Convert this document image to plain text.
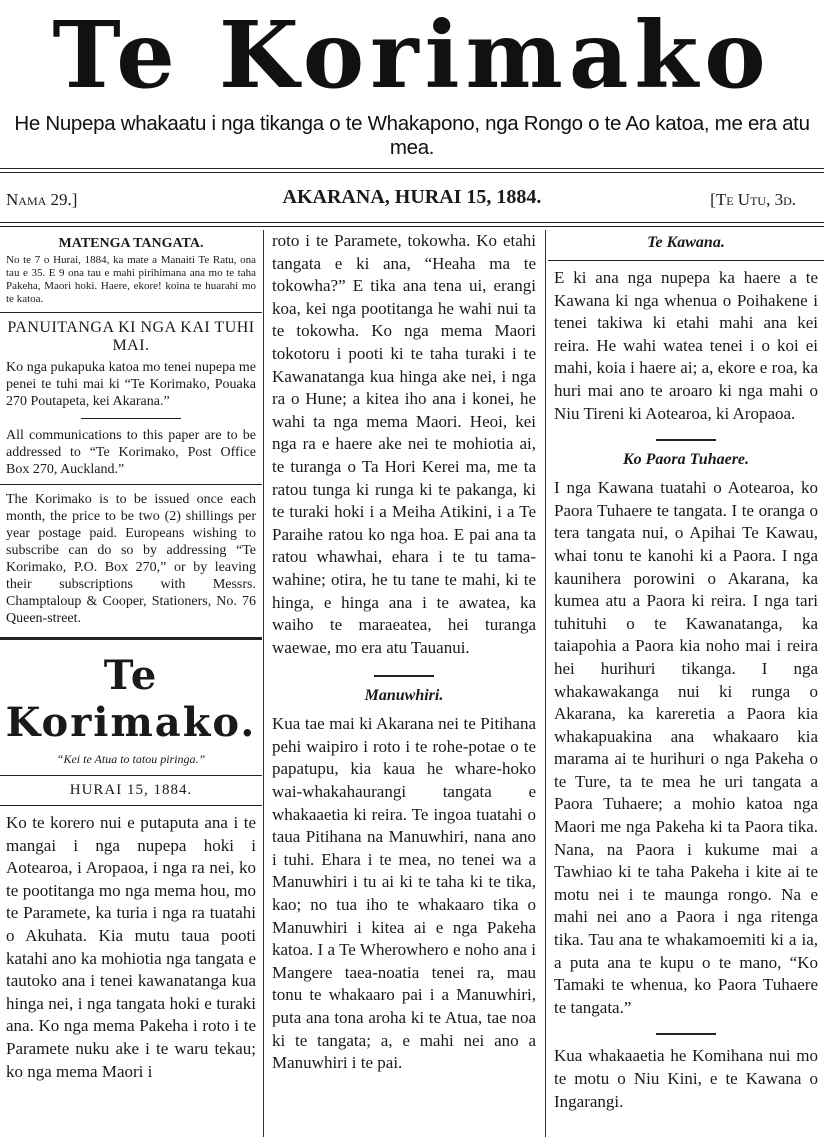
Te Korimako
He Nupepa whakaatu i nga tikanga o te Whakapono, nga Rongo o te Ao katoa, me era atu mea.
Nama 29.]	AKARANA, HURAI 15, 1884.	[Te Utu, 3d.
MATENGA TANGATA.
No te 7 o Hurai, 1884, ka mate a Manaiti Te Ratu, ona tau e 35. E 9 ona tau e mahi pirihimana ana mo te taha Pakeha, Maori hoki. Haere, ekore! koina te huarahi mo te katoa.
PANUITANGA KI NGA KAI TUHI MAI.
Ko nga pukapuka katoa mo tenei nupepa me penei te tuhi mai ki “Te Korimako, Pouaka 270 Poutapeta, kei Akarana.”
All communications to this paper are to be addressed to “Te Korimako, Post Office Box 270, Auckland.”
The Korimako is to be issued once each month, the price to be two (2) shillings per year postage paid. Europeans wishing to subscribe can do so by addressing “Te Korimako, P.O. Box 270,” or by leaving their subscriptions with Messrs. Champtaloup & Cooper, Stationers, No. 76 Queen-street.
Te Korimako.
“Kei te Atua to tatou piringa.”
HURAI 15, 1884.
Ko te korero nui e putaputa ana i te mangai i nga nupepa hoki i Aotearoa, i Aropaoa, i nga ra nei, ko te pootitanga mo nga mema hou, mo te Paramete, ka turia i nga ra tuatahi o Akuhata. Kia mutu taua pooti katahi ano ka mohiotia nga tangata e tautoko ana i tenei kawanatanga kua hinga nei, i nga tangata hoki e turaki ana. Ko nga mema Pakeha i roto i te Paramete nuku ake i te waru tekau; ko nga mema Maori i
roto i te Paramete, tokowha. Ko etahi tangata e ki ana, “Heaha ma te tokowha?” E tika ana tena ui, erangi koa, kei nga pootitanga he wahi nui ta te tokowha. Ko nga mema Maori tokotoru i pooti ki te taha turaki i te Kawanatanga kua hinga ake nei, i nga ra o Hune; a kitea iho ana i konei, he wahi ta nga mema Maori. Heoi, kei nga ra e haere ake nei te mohiotia ai, te turanga o Ta Hori Kerei ma, me ta ratou tunga ki runga ki te pakanga, ki te turaki hoki i a Meiha Atikini, i a Te Paraihe ratou ko nga hoa. E pai ana ta ratou whawhai, ehara i te tu tama-wahine; otira, he tu tane te mahi, ki te hinga, e hinga ana i te awatea, ka waiho te maraeatea, hei turanga waewae, mo era atu Tauanui.
Manuwhiri.
Kua tae mai ki Akarana nei te Pitihana pehi waipiro i roto i te rohe-potae o te papatupu, kia kaua he whare-hoko wai-whakahaurangi tangata e whakaaetia ki reira. Te ingoa tuatahi o taua Pitihana na Manuwhiri, nana ano i tuhi. Ehara i te mea, no tenei wa a Manuwhiri i tu ai ki te taha ki te tika, kao; no tua iho te whakaaro tika o Manuwhiri i kitea ai e nga Pakeha katoa. I a Te Wherowhero e noho ana i Mangere taea-noatia tenei ra, mau tonu te whakaaro pai i a Manuwhiri, puta ana tona aroha ki te Atua, tae noa ki te tangata; a, e mahi nei ano a Manuwhiri i te pai.
Te Kawana.
E ki ana nga nupepa ka haere a te Kawana ki nga whenua o Poihakene i tenei takiwa ki etahi mahi ana kei reira. He wahi watea tenei i o koi ei mahi, koia i haere ai; a, ekore e roa, ka huri mai ano te aroaro ki nga mahi o Niu Tireni ki Aotearoa, ki Aropaoa.
Ko Paora Tuhaere.
I nga Kawana tuatahi o Aotearoa, ko Paora Tuhaere te tangata. I te oranga o tera tangata nui, o Apihai Te Kawau, whai tonu te kanohi ki a Paora. I nga kaunihera porowini o Akarana, ka kumea atu a Paora ki reira. I nga tari tuhituhi o te Kawanatanga, ka taiapohia a Paora kia noho mai i reira hei hurihuri tikanga. I nga whakawakanga nui ki runga o Akarana, ka kareretia a Paora kia whakapuakina ana whakaaro kia marama ai te hurihuri o nga Pakeha o te Ture, ta te mea he uri tangata a Paora Tuhaere; a mohio katoa nga Maori me nga Pakeha ki ta Paora tika. Nana, na Paora i kukume mai a Tawhiao ki te taha Pakeha i kite ai te motu nei i te maunga rongo. Na e mahi nei ano a Paora i nga ritenga tika. Tau ana te whakamoemiti ki a ia, a puta ana te kupu o te mano, “Ko Tamaki te whenua, ko Paora Tuhaere te tangata.”
Kua whakaaetia he Komihana nui mo te motu o Niu Kini, e te Kawana o Ingarangi.
